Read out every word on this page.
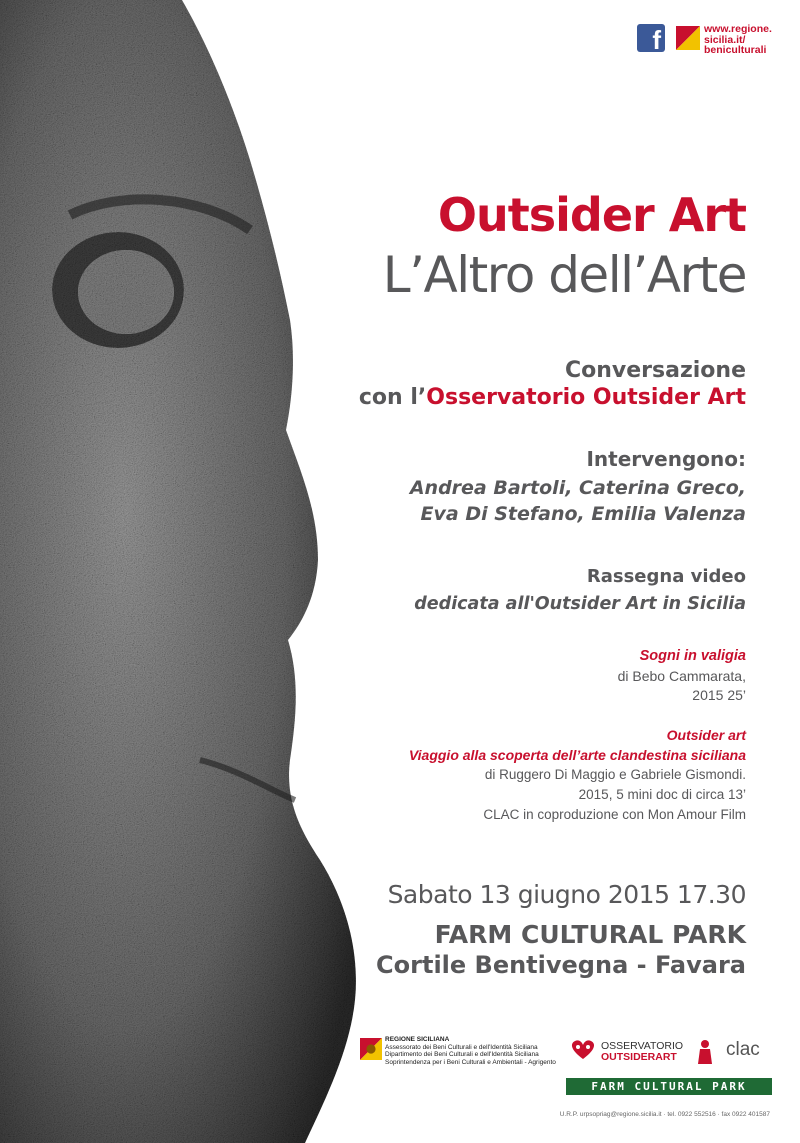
f	www.regione.
sicilia.it/
beniculturali
Outsider Art
L’Altro dell’Arte
Conversazione
con l’Osservatorio Outsider Art
Intervengono:
Andrea Bartoli, Caterina Greco,
Eva Di Stefano, Emilia Valenza
Rassegna video
dedicata all'Outsider Art in Sicilia
Sogni in valigia
di Bebo Cammarata,
2015 25’
Outsider art
Viaggio alla scoperta dell’arte clandestina siciliana
di Ruggero Di Maggio e Gabriele Gismondi.
2015, 5 mini doc di circa 13’
CLAC in coproduzione con Mon Amour Film
Sabato 13 giugno 2015 17.30
FARM CULTURAL PARK
Cortile Bentivegna - Favara
REGIONE SICILIANA
Assessorato dei Beni Culturali e dell'Identità Siciliana
Dipartimento dei Beni Culturali e dell'Identità Siciliana
Soprintendenza per i Beni Culturali e Ambientali - Agrigento
OSSERVATORIO
OUTSIDERART	clac
FARM CULTURAL PARK
U.R.P. urpsopriag@regione.sicilia.it · tel. 0922 552516 · fax 0922 401587
